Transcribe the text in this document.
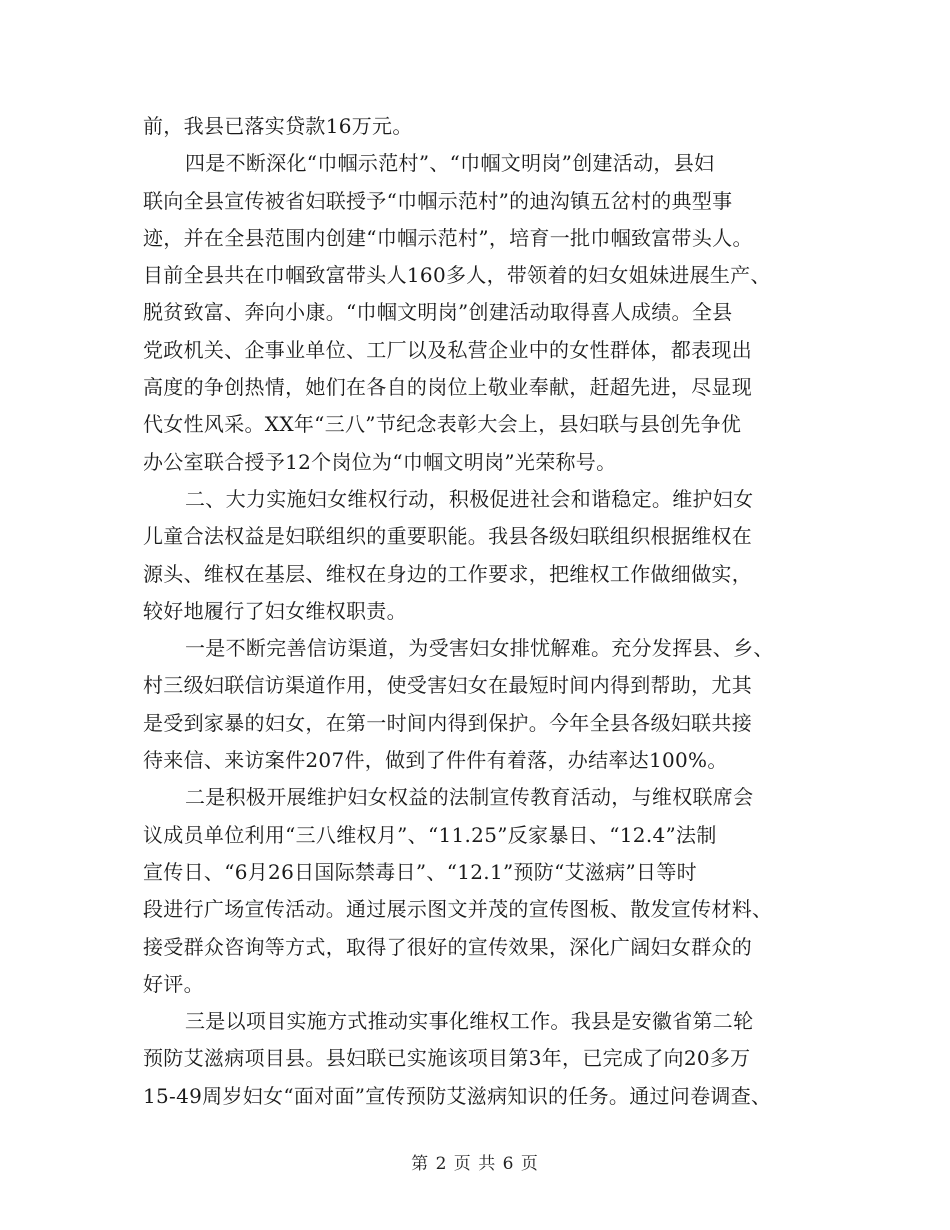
前，我县已落实贷款16万元。
四是不断深化“巾帼示范村”、“巾帼文明岗”创建活动，县妇
联向全县宣传被省妇联授予“巾帼示范村”的迪沟镇五岔村的典型事
迹，并在全县范围内创建“巾帼示范村”，培育一批巾帼致富带头人。
目前全县共在巾帼致富带头人160多人，带领着的妇女姐妹进展生产、
脱贫致富、奔向小康。“巾帼文明岗”创建活动取得喜人成绩。全县
党政机关、企事业单位、工厂以及私营企业中的女性群体，都表现出
高度的争创热情，她们在各自的岗位上敬业奉献，赶超先进，尽显现
代女性风采。XX年“三八”节纪念表彰大会上，县妇联与县创先争优
办公室联合授予12个岗位为“巾帼文明岗”光荣称号。
二、大力实施妇女维权行动，积极促进社会和谐稳定。维护妇女
儿童合法权益是妇联组织的重要职能。我县各级妇联组织根据维权在
源头、维权在基层、维权在身边的工作要求，把维权工作做细做实，
较好地履行了妇女维权职责。
一是不断完善信访渠道，为受害妇女排忧解难。充分发挥县、乡、
村三级妇联信访渠道作用，使受害妇女在最短时间内得到帮助，尤其
是受到家暴的妇女，在第一时间内得到保护。今年全县各级妇联共接
待来信、来访案件207件，做到了件件有着落，办结率达100%。
二是积极开展维护妇女权益的法制宣传教育活动，与维权联席会
议成员单位利用“三八维权月”、“11.25”反家暴日、“12.4”法制
宣传日、“6月26日国际禁毒日”、“12.1”预防“艾滋病”日等时
段进行广场宣传活动。通过展示图文并茂的宣传图板、散发宣传材料、
接受群众咨询等方式，取得了很好的宣传效果，深化广阔妇女群众的
好评。
三是以项目实施方式推动实事化维权工作。我县是安徽省第二轮
预防艾滋病项目县。县妇联已实施该项目第3年，已完成了向20多万
15-49周岁妇女“面对面”宣传预防艾滋病知识的任务。通过问卷调查、
第 2 页 共 6 页
